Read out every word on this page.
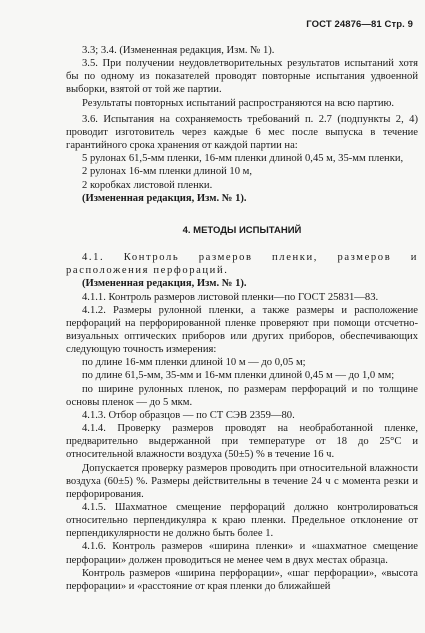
ГОСТ 24876—81 Стр. 9

3.3; 3.4. (Измененная редакция, Изм. № 1).

3.5. При получении неудовлетворительных результатов испытаний хотя бы по одному из показателей проводят повторные испытания удвоенной выборки, взятой от той же партии.

Результаты повторных испытаний распространяются на всю партию.

3.6. Испытания на сохраняемость требований п. 2.7 (подпункты 2, 4) проводит изготовитель через каждые 6 мес после выпуска в течение гарантийного срока хранения от каждой партии на:

5 рулонах 61,5-мм пленки, 16-мм пленки длиной 0,45 м, 35-мм пленки,

2 рулонах 16-мм пленки длиной 10 м,

2 коробках листовой пленки.

(Измененная редакция, Изм. № 1).

4. МЕТОДЫ ИСПЫТАНИЙ

4.1. Контроль размеров пленки, размеров и расположения перфораций.

(Измененная редакция, Изм. № 1).

4.1.1. Контроль размеров листовой пленки—по ГОСТ 25831—83.

4.1.2. Размеры рулонной пленки, а также размеры и расположение перфораций на перфорированной пленке проверяют при помощи отсчетно-визуальных оптических приборов или других приборов, обеспечивающих следующую точность измерения:

по длине 16-мм пленки длиной 10 м — до 0,05 м;

по длине 61,5-мм, 35-мм и 16-мм пленки длиной 0,45 м — до 1,0 мм;

по ширине рулонных пленок, по размерам перфораций и по толщине основы пленок — до 5 мкм.

4.1.3. Отбор образцов — по СТ СЭВ 2359—80.

4.1.4. Проверку размеров проводят на необработанной пленке, предварительно выдержанной при температуре от 18 до 25°С и относительной влажности воздуха (50±5) % в течение 16 ч.

Допускается проверку размеров проводить при относительной влажности воздуха (60±5) %. Размеры действительны в течение 24 ч с момента резки и перфорирования.

4.1.5. Шахматное смещение перфораций должно контролироваться относительно перпендикуляра к краю пленки. Предельное отклонение от перпендикулярности не должно быть более 1.

4.1.6. Контроль размеров «ширина пленки» и «шахматное смещение перфорации» должен проводиться не менее чем в двух местах образца.

Контроль размеров «ширина перфорации», «шаг перфорации», «высота перфорации» и «расстояние от края пленки до ближайшей
